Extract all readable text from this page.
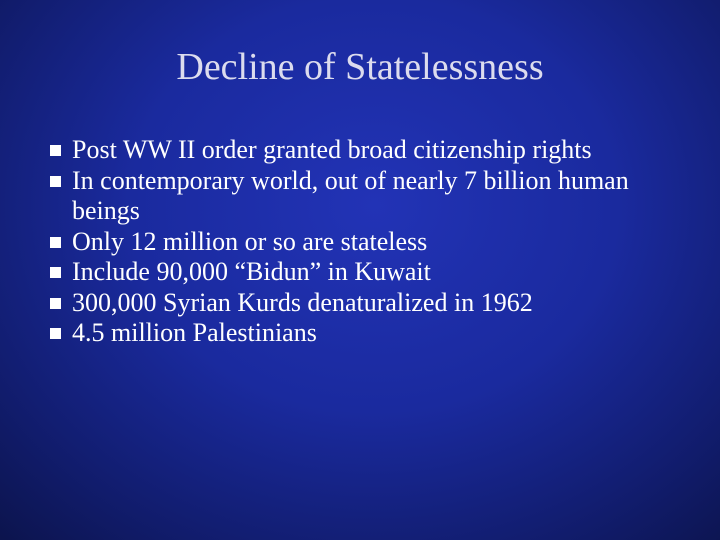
Decline of Statelessness
Post WW II order granted broad citizenship rights
In contemporary world, out of nearly 7 billion human beings
Only 12 million or so are stateless
Include 90,000 “Bidun” in Kuwait
300,000 Syrian Kurds denaturalized in 1962
4.5 million Palestinians
